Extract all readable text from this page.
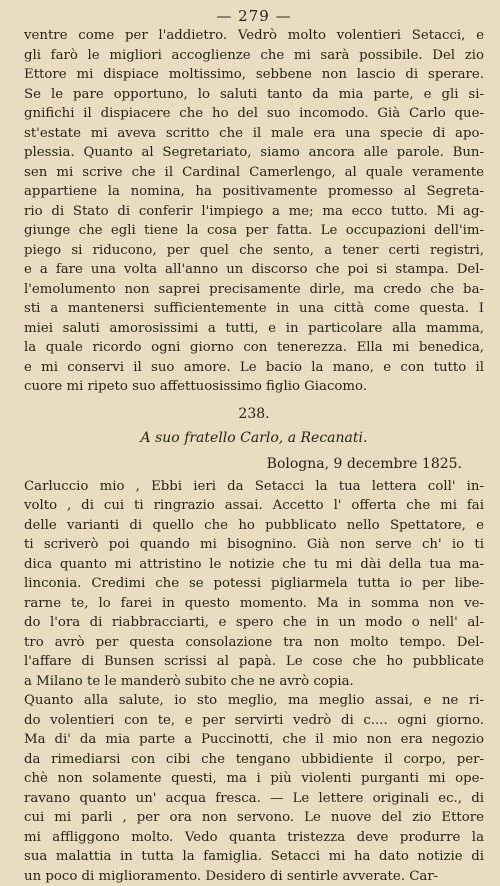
— 279 —
ventre come per l'addietro. Vedrò molto volentieri Setacci, e
gli farò le migliori accoglienze che mi sarà possibile. Del zio
Ettore mi dispiace moltissimo, sebbene non lascio di sperare.
Se le pare opportuno, lo saluti tanto da mia parte, e gli si-
gnifichi il dispiacere che ho del suo incomodo. Già Carlo que-
st'estate mi aveva scritto che il male era una specie di apo-
plessia. Quanto al Segretariato, siamo ancora alle parole. Bun-
sen mi scrive che il Cardinal Camerlengo, al quale veramente
appartiene la nomina, ha positivamente promesso al Segreta-
rio di Stato di conferir l'impiego a me; ma ecco tutto. Mi ag-
giunge che egli tiene la cosa per fatta. Le occupazioni dell'im-
piego si riducono, per quel che sento, a tener certi registri,
e a fare una volta all'anno un discorso che poi si stampa. Del-
l'emolumento non saprei precisamente dirle, ma credo che ba-
sti a mantenersi sufficientemente in una città come questa. I
miei saluti amorosissimi a tutti, e in particolare alla mamma,
la quale ricordo ogni giorno con tenerezza. Ella mi benedica,
e mi conservi il suo amore. Le bacio la mano, e con tutto il
cuore mi ripeto suo affettuosissimo figlio Giacomo.
238.
A suo fratello Carlo, a Recanati.
Bologna, 9 decembre 1825.
Carluccio mio , Ebbi ieri da Setacci la tua lettera coll' in-
volto , di cui ti ringrazio assai. Accetto l' offerta che mi fai
delle varianti di quello che ho pubblicato nello Spettatore, e
ti scriverò poi quando mi bisognino. Già non serve ch' io ti
dica quanto mi attristino le notizie che tu mi dài della tua ma-
linconia. Credimi che se potessi pigliarmela tutta io per libe-
rarne te, lo farei in questo momento. Ma in somma non ve-
do l'ora di riabbracciarti, e spero che in un modo o nell' al-
tro avrò per questa consolazione tra non molto tempo. Del-
l'affare di Bunsen scrissi al papà. Le cose che ho pubblicate
a Milano te le manderò subito che ne avrò copia.
Quanto alla salute, io sto meglio, ma meglio assai, e ne ri-
do volentieri con te, e per servirti vedrò di c.... ogni giorno.
Ma di' da mia parte a Puccinotti, che il mio non era negozio
da rimediarsi con cibi che tengano ubbidiente il corpo, per-
chè non solamente questi, ma i più violenti purganti mi ope-
ravano quanto un' acqua fresca. — Le lettere originali ec., di
cui mi parli , per ora non servono. Le nuove del zio Ettore
mi affliggono molto. Vedo quanta tristezza deve produrre la
sua malattia in tutta la famiglia. Setacci mi ha dato notizie di
un poco di miglioramento. Desidero di sentirle avverate. Car-
